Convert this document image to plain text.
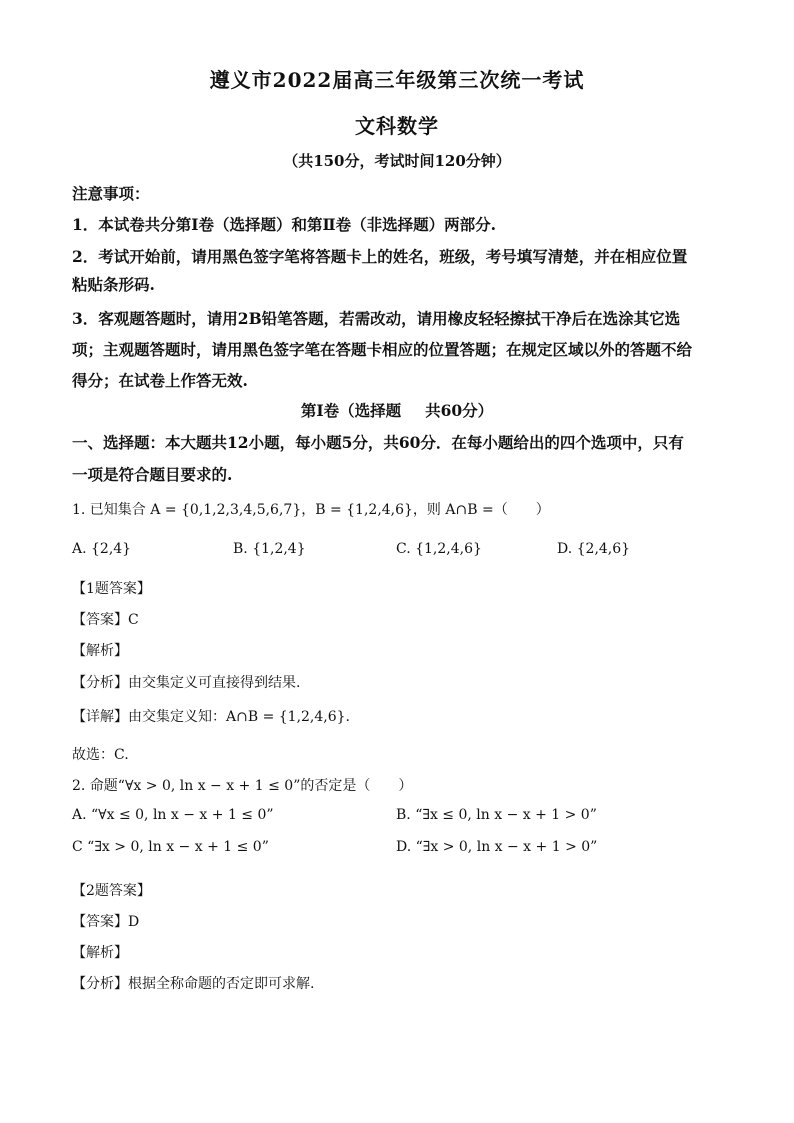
遵义市2022届高三年级第三次统一考试
文科数学
（共150分，考试时间120分钟）
注意事项：
1．本试卷共分第Ⅰ卷（选择题）和第Ⅱ卷（非选择题）两部分.
2．考试开始前，请用黑色签字笔将答题卡上的姓名，班级，考号填写清楚，并在相应位置
粘贴条形码.
3．客观题答题时，请用2B铅笔答题，若需改动，请用橡皮轻轻擦拭干净后在选涂其它选
项；主观题答题时，请用黑色签字笔在答题卡相应的位置答题；在规定区域以外的答题不给
得分；在试卷上作答无效.
第Ⅰ卷（选择题 共60分）
一、选择题：本大题共12小题，每小题5分，共60分．在每小题给出的四个选项中，只有
一项是符合题目要求的.
1. 已知集合 A = {0,1,2,3,4,5,6,7}，B = {1,2,4,6}，则 A∩B =（　　）
A. {2,4}	B. {1,2,4}	C. {1,2,4,6}	D. {2,4,6}
【1题答案】
【答案】C
【解析】
【分析】由交集定义可直接得到结果.
【详解】由交集定义知：A∩B = {1,2,4,6}.
故选：C.
2. 命题“∀x > 0, ln x − x + 1 ≤ 0”的否定是（　　）
A. “∀x ≤ 0, ln x − x + 1 ≤ 0”	B. “∃x ≤ 0, ln x − x + 1 > 0”
C “∃x > 0, ln x − x + 1 ≤ 0”	D. “∃x > 0, ln x − x + 1 > 0”
【2题答案】
【答案】D
【解析】
【分析】根据全称命题的否定即可求解.
